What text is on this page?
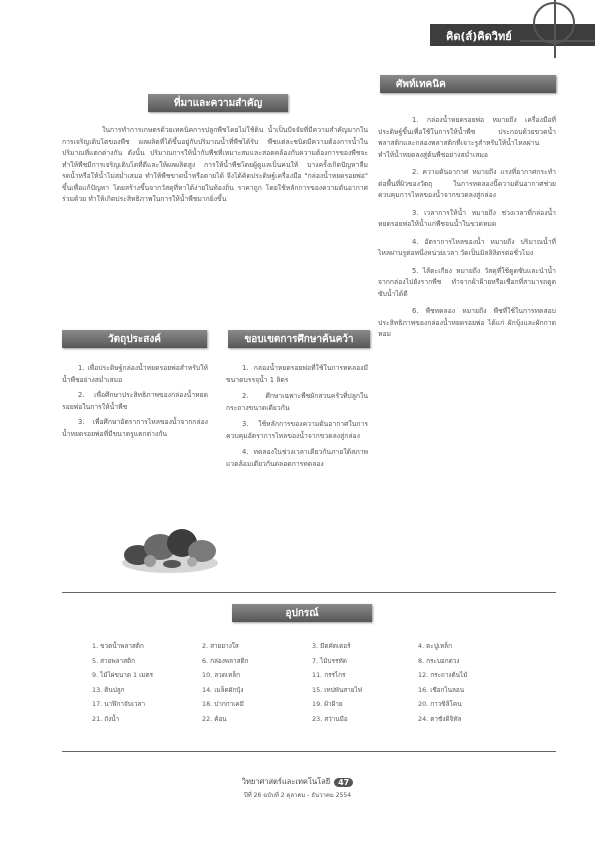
คิด(ส์)คิดวิทย์
ศัพท์เทคนิค
ที่มาและความสำคัญ

ในการทำการเกษตรด้วยเทคนิคการปลูกพืชโดยไม่ใช้ดิน น้ำเป็นปัจจัยที่มีความสำคัญมากในการเจริญเติบโตของพืช ผลผลิตที่ได้ขึ้นอยู่กับปริมาณน้ำที่พืชได้รับ พืชแต่ละชนิดมีความต้องการน้ำในปริมาณที่แตกต่างกัน ดังนั้น ปริมาณการให้น้ำกับพืชที่เหมาะสมและสอดคล้องกับความต้องการของพืชจะทำให้พืชมีการเจริญเติบโตที่ดีและให้ผลผลิตสูง การให้น้ำพืชโดยผู้ดูแลเป็นคนให้ บางครั้งเกิดปัญหาลืมรดน้ำหรือให้น้ำไม่สม่ำเสมอ ทำให้พืชขาดน้ำหรือตายได้ จึงได้คิดประดิษฐ์เครื่องมือ "กล่องน้ำหยดรอยพ่อ" ขึ้นเพื่อแก้ปัญหา โดยสร้างขึ้นจากวัสดุที่หาได้ง่ายในท้องถิ่น ราคาถูก โดยใช้หลักการของความดันอากาศร่วมด้วย ทำให้เกิดประสิทธิภาพในการให้น้ำพืชมากยิ่งขึ้น

1. กล่องน้ำหยดรอยพ่อ หมายถึง เครื่องมือที่ประดิษฐ์ขึ้นเพื่อใช้ในการให้น้ำพืช ประกอบด้วยขวดน้ำพลาสติกและกล่องพลาสติกที่เจาะรูสำหรับให้น้ำไหลผ่าน ทำให้น้ำหยดลงสู่ต้นพืชอย่างสม่ำเสมอ

2. ความดันอากาศ หมายถึง แรงที่อากาศกระทำต่อพื้นที่ผิวของวัตถุ ในการทดลองนี้ความดันอากาศช่วยควบคุมการไหลของน้ำจากขวดลงสู่กล่อง

3. เวลาการให้น้ำ หมายถึง ช่วงเวลาที่กล่องน้ำหยดรอยพ่อให้น้ำแก่พืชจนน้ำในขวดหมด

4. อัตราการไหลของน้ำ หมายถึง ปริมาณน้ำที่ไหลผ่านรูต่อหนึ่งหน่วยเวลา วัดเป็นมิลลิลิตรต่อชั่วโมง

5. ไส้ตะเกียง หมายถึง วัสดุที่ใช้ดูดซับและนำน้ำจากกล่องไปยังรากพืช ทำจากผ้าฝ้ายหรือเชือกที่สามารถดูดซับน้ำได้ดี

6. พืชทดลอง หมายถึง พืชที่ใช้ในการทดสอบประสิทธิภาพของกล่องน้ำหยดรอยพ่อ ได้แก่ ผักบุ้งและผักกาดหอม

วัตถุประสงค์

1. เพื่อประดิษฐ์กล่องน้ำหยดรอยพ่อสำหรับให้น้ำพืชอย่างสม่ำเสมอ

2. เพื่อศึกษาประสิทธิภาพของกล่องน้ำหยดรอยพ่อในการให้น้ำพืช

3. เพื่อศึกษาอัตราการไหลของน้ำจากกล่องน้ำหยดรอยพ่อที่มีขนาดรูแตกต่างกัน

ขอบเขตการศึกษาค้นคว้า

1. กล่องน้ำหยดรอยพ่อที่ใช้ในการทดลองมีขนาดบรรจุน้ำ 1 ลิตร

2. ศึกษาเฉพาะพืชผักสวนครัวที่ปลูกในกระถางขนาดเดียวกัน

3. ใช้หลักการของความดันอากาศในการควบคุมอัตราการไหลของน้ำจากขวดลงสู่กล่อง

4. ทดลองในช่วงเวลาเดียวกันภายใต้สภาพแวดล้อมเดียวกันตลอดการทดลอง

อุปกรณ์
1. ขวดน้ำพลาสติก	2. สายยางใส	3. มีดคัตเตอร์	4. ตะปูเหล็ก
5. สายพลาสติก	6. กล่องพลาสติก	7. ไม้บรรทัด	8. กระบอกตวง
9. ไม้ไผ่ขนาด 1 เมตร	10. ลวดเหล็ก	11. กรรไกร	12. กระถางต้นไม้
13. ดินปลูก	14. เมล็ดผักบุ้ง	15. เทปพันสายไฟ	16. เชือกไนลอน
17. นาฬิกาจับเวลา	18. ปากกาเคมี	19. ผ้าฝ้าย	20. กาวซิลิโคน
21. ถังน้ำ	22. ค้อน	23. สว่านมือ	24. ตาชั่งดิจิทัล
วิทยาศาสตร์และเทคโนโลยี	47
ปีที่ 26 ฉบับที่ 2 ตุลาคม - ธันวาคม 2554
